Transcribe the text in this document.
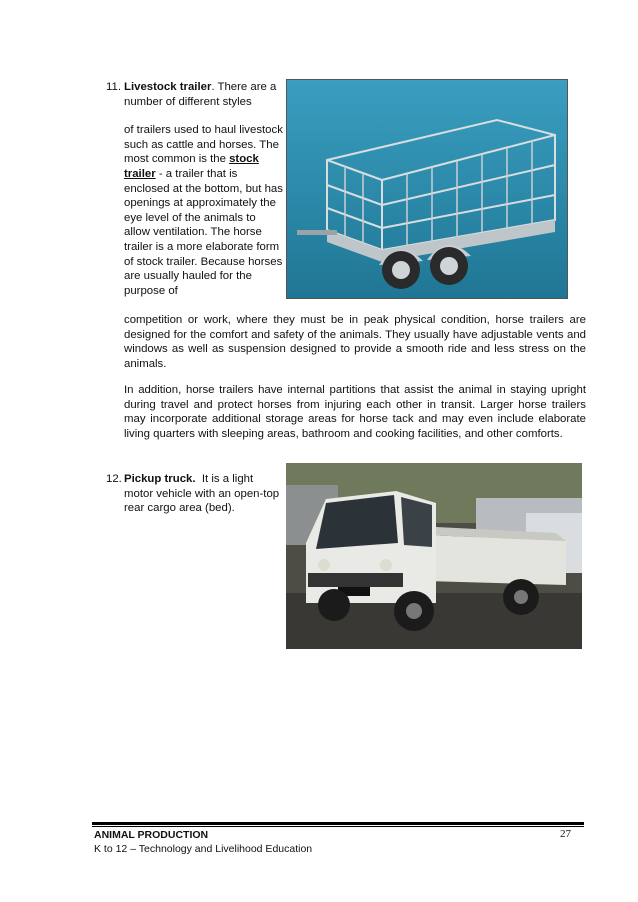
11. Livestock trailer. There are a number of different styles

of trailers used to haul livestock such as cattle and horses. The most common is the stock trailer - a trailer that is enclosed at the bottom, but has openings at approximately the eye level of the animals to allow ventilation. The horse trailer is a more elaborate form of stock trailer. Because horses are usually hauled for the purpose of

competition or work, where they must be in peak physical condition, horse trailers are designed for the comfort and safety of the animals. They usually have adjustable vents and windows as well as suspension designed to provide a smooth ride and less stress on the animals.
In addition, horse trailers have internal partitions that assist the animal in staying upright during travel and protect horses from injuring each other in transit. Larger horse trailers may incorporate additional storage areas for horse tack and may even include elaborate living quarters with sleeping areas, bathroom and cooking facilities, and other comforts.
12. Pickup truck. It is a light motor vehicle with an open-top rear cargo area (bed).
ANIMAL PRODUCTION
K to 12 – Technology and Livelihood Education
27
